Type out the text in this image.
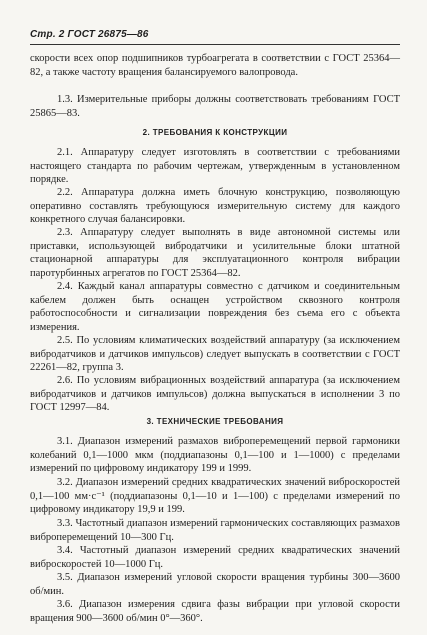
Стр. 2 ГОСТ 26875—86
скорости всех опор подшипников турбоагрегата в соответствии с ГОСТ 25364—82, а также частоту вращения балансируемого валопровода.
1.3. Измерительные приборы должны соответствовать требованиям ГОСТ 25865—83.
2. ТРЕБОВАНИЯ К КОНСТРУКЦИИ
2.1. Аппаратуру следует изготовлять в соответствии с требованиями настоящего стандарта по рабочим чертежам, утвержденным в установленном порядке.
2.2. Аппаратура должна иметь блочную конструкцию, позволяющую оперативно составлять требующуюся измерительную систему для каждого конкретного случая балансировки.
2.3. Аппаратуру следует выполнять в виде автономной системы или приставки, использующей вибродатчики и усилительные блоки штатной стационарной аппаратуры для эксплуатационного контроля вибрации паротурбинных агрегатов по ГОСТ 25364—82.
2.4. Каждый канал аппаратуры совместно с датчиком и соединительным кабелем должен быть оснащен устройством сквозного контроля работоспособности и сигнализации повреждения без съема его с объекта измерения.
2.5. По условиям климатических воздействий аппаратуру (за исключением вибродатчиков и датчиков импульсов) следует выпускать в соответствии с ГОСТ 22261—82, группа 3.
2.6. По условиям вибрационных воздействий аппаратура (за исключением вибродатчиков и датчиков импульсов) должна выпускаться в исполнении 3 по ГОСТ 12997—84.
3. ТЕХНИЧЕСКИЕ ТРЕБОВАНИЯ
3.1. Диапазон измерений размахов виброперемещений первой гармоники колебаний 0,1—1000 мкм (поддиапазоны 0,1—100 и 1—1000) с пределами измерений по цифровому индикатору 199 и 1999.
3.2. Диапазон измерений средних квадратических значений виброскоростей 0,1—100 мм·с⁻¹ (поддиапазоны 0,1—10 и 1—100) с пределами измерений по цифровому индикатору 19,9 и 199.
3.3. Частотный диапазон измерений гармонических составляющих размахов виброперемещений 10—300 Гц.
3.4. Частотный диапазон измерений средних квадратических значений виброскоростей 10—1000 Гц.
3.5. Диапазон измерений угловой скорости вращения турбины 300—3600 об/мин.
3.6. Диапазон измерения сдвига фазы вибрации при угловой скорости вращения 900—3600 об/мин 0°—360°.
